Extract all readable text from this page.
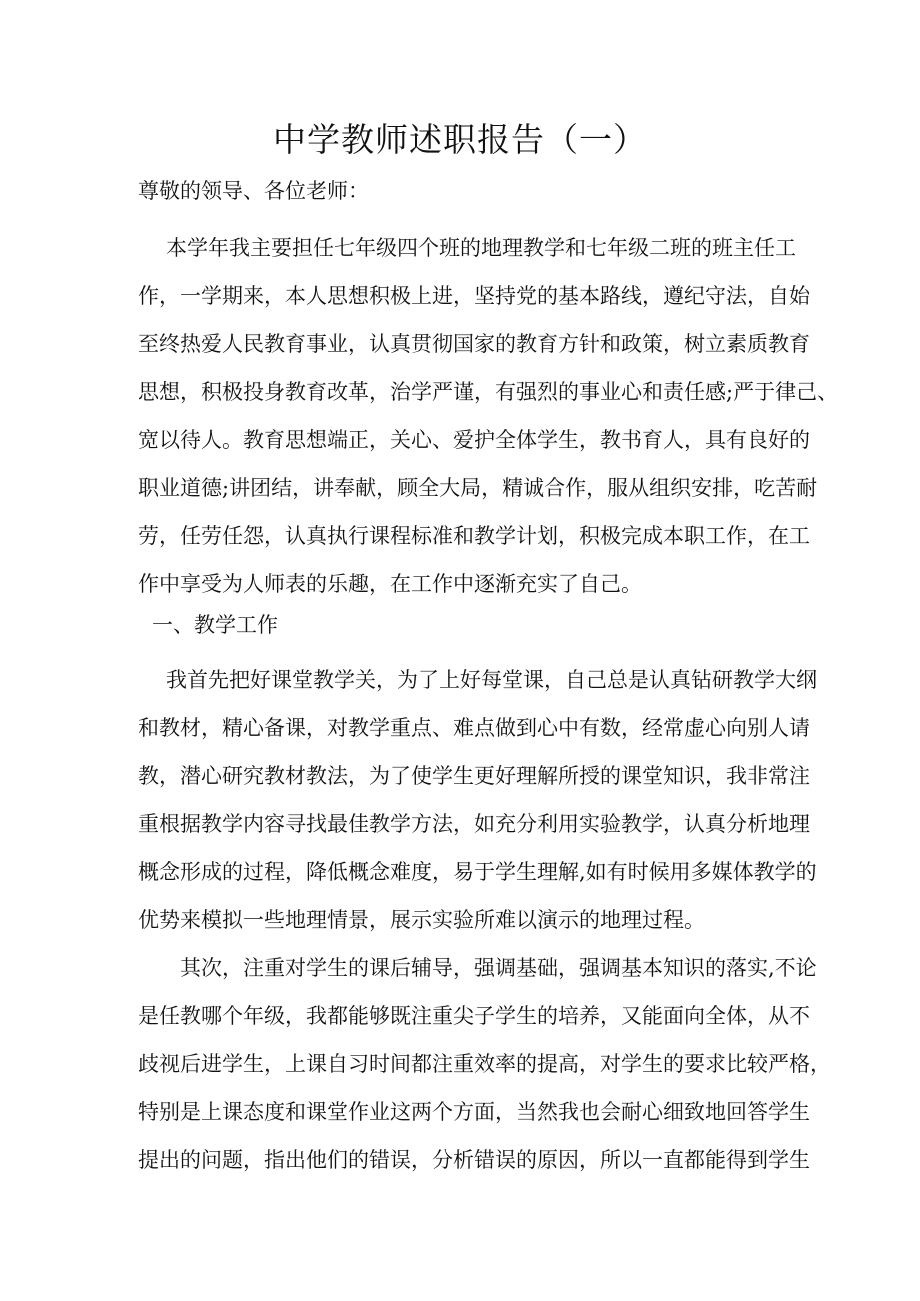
中学教师述职报告（一）

尊敬的领导、各位老师：

本学年我主要担任七年级四个班的地理教学和七年级二班的班主任工
作，一学期来，本人思想积极上进，坚持党的基本路线，遵纪守法，自始
至终热爱人民教育事业，认真贯彻国家的教育方针和政策，树立素质教育
思想，积极投身教育改革，治学严谨，有强烈的事业心和责任感;严于律己、
宽以待人。教育思想端正，关心、爱护全体学生，教书育人，具有良好的
职业道德;讲团结，讲奉献，顾全大局，精诚合作，服从组织安排，吃苦耐
劳，任劳任怨，认真执行课程标准和教学计划，积极完成本职工作，在工
作中享受为人师表的乐趣，在工作中逐渐充实了自己。

一、教学工作

我首先把好课堂教学关，为了上好每堂课，自己总是认真钻研教学大纲
和教材，精心备课，对教学重点、难点做到心中有数，经常虚心向别人请
教，潜心研究教材教法，为了使学生更好理解所授的课堂知识，我非常注
重根据教学内容寻找最佳教学方法，如充分利用实验教学，认真分析地理
概念形成的过程，降低概念难度，易于学生理解,如有时候用多媒体教学的
优势来模拟一些地理情景，展示实验所难以演示的地理过程。
其次，注重对学生的课后辅导，强调基础，强调基本知识的落实,不论
是任教哪个年级，我都能够既注重尖子学生的培养，又能面向全体，从不
歧视后进学生，上课自习时间都注重效率的提高，对学生的要求比较严格，
特别是上课态度和课堂作业这两个方面，当然我也会耐心细致地回答学生
提出的问题，指出他们的错误，分析错误的原因，所以一直都能得到学生
